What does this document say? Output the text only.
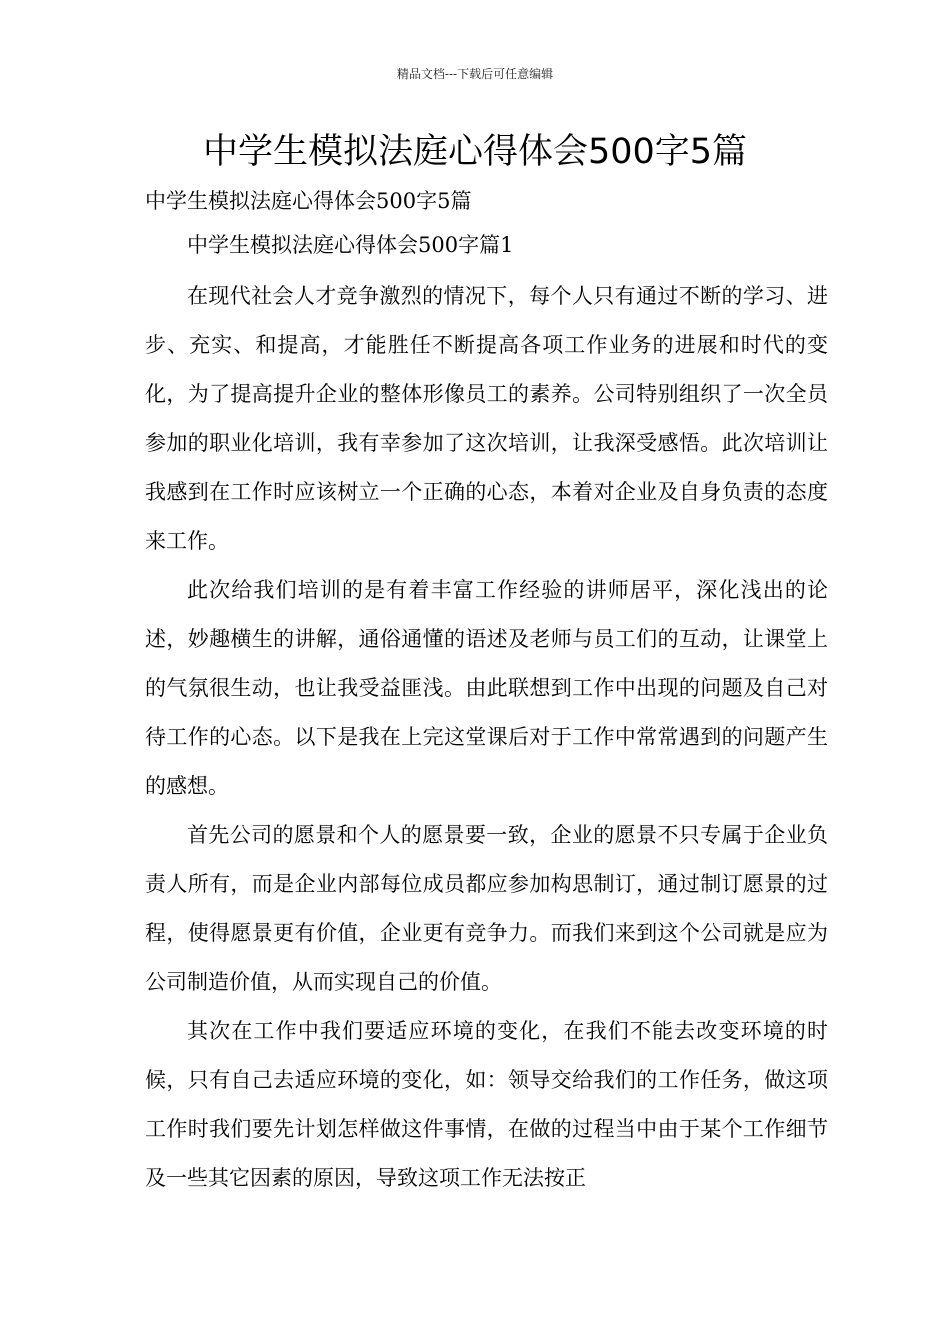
精品文档---下载后可任意编辑
中学生模拟法庭心得体会500字5篇

中学生模拟法庭心得体会500字5篇

中学生模拟法庭心得体会500字篇1

在现代社会人才竞争激烈的情况下，每个人只有通过不断的学习、进步、充实、和提高，才能胜任不断提高各项工作业务的进展和时代的变化，为了提高提升企业的整体形像员工的素养。公司特别组织了一次全员参加的职业化培训，我有幸参加了这次培训，让我深受感悟。此次培训让我感到在工作时应该树立一个正确的心态，本着对企业及自身负责的态度来工作。

此次给我们培训的是有着丰富工作经验的讲师居平，深化浅出的论述，妙趣横生的讲解，通俗通懂的语述及老师与员工们的互动，让课堂上的气氛很生动，也让我受益匪浅。由此联想到工作中出现的问题及自己对待工作的心态。以下是我在上完这堂课后对于工作中常常遇到的问题产生的感想。

首先公司的愿景和个人的愿景要一致，企业的愿景不只专属于企业负责人所有，而是企业内部每位成员都应参加构思制订，通过制订愿景的过程，使得愿景更有价值，企业更有竞争力。而我们来到这个公司就是应为公司制造价值，从而实现自己的价值。

其次在工作中我们要适应环境的变化，在我们不能去改变环境的时候，只有自己去适应环境的变化，如：领导交给我们的工作任务，做这项工作时我们要先计划怎样做这件事情，在做的过程当中由于某个工作细节及一些其它因素的原因，导致这项工作无法按正
